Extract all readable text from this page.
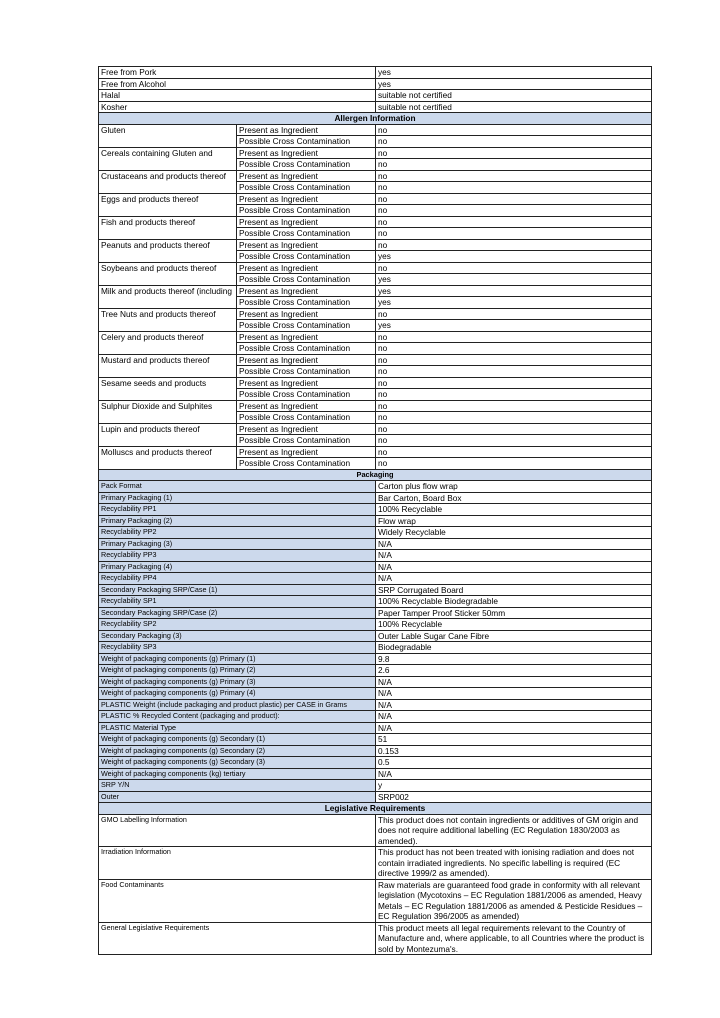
Free from Pork		yes
Free from Alcohol		yes
Halal		suitable not certified
Kosher		suitable not certified
Allergen Information		
Gluten	Present as Ingredient	no
	Possible Cross Contamination	no
Cereals containing Gluten and	Present as Ingredient	no
	Possible Cross Contamination	no
Crustaceans and products thereof	Present as Ingredient	no
	Possible Cross Contamination	no
Eggs and products thereof	Present as Ingredient	no
	Possible Cross Contamination	no
Fish and products thereof	Present as Ingredient	no
	Possible Cross Contamination	no
Peanuts and products thereof	Present as Ingredient	no
	Possible Cross Contamination	yes
Soybeans and products thereof	Present as Ingredient	no
	Possible Cross Contamination	yes
Milk and products thereof (including	Present as Ingredient	yes
	Possible Cross Contamination	yes
Tree Nuts and products thereof	Present as Ingredient	no
	Possible Cross Contamination	yes
Celery and products thereof	Present as Ingredient	no
	Possible Cross Contamination	no
Mustard and products thereof	Present as Ingredient	no
	Possible Cross Contamination	no
Sesame seeds and products	Present as Ingredient	no
	Possible Cross Contamination	no
Sulphur Dioxide and Sulphites	Present as Ingredient	no
	Possible Cross Contamination	no
Lupin and products thereof	Present as Ingredient	no
	Possible Cross Contamination	no
Molluscs and products thereof	Present as Ingredient	no
	Possible Cross Contamination	no
Packaging		
Pack Format		Carton plus flow wrap
Primary Packaging (1)		Bar Carton, Board Box
Recyclability PP1		100% Recyclable
Primary Packaging (2)		Flow wrap
Recyclability PP2		Widely Recyclable
Primary Packaging (3)		N/A
Recyclability PP3		N/A
Primary Packaging (4)		N/A
Recyclability PP4		N/A
Secondary Packaging SRP/Case (1)		SRP Corrugated Board
Recyclability SP1		100% Recyclable Biodegradable
Secondary Packaging SRP/Case (2)		Paper Tamper Proof Sticker 50mm
Recyclability SP2		100% Recyclable
Secondary Packaging (3)		Outer Lable Sugar Cane Fibre
Recyclability SP3		Biodegradable
Weight of packaging components (g) Primary (1)		9.8
Weight of packaging components (g) Primary (2)		2.6
Weight of packaging components (g) Primary (3)		N/A
Weight of packaging components (g) Primary (4)		N/A
PLASTIC Weight (include packaging and product plastic) per CASE in Grams		N/A
PLASTIC % Recycled Content (packaging and product):		N/A
PLASTIC Material Type		N/A
Weight of packaging components (g) Secondary (1)		51
Weight of packaging components (g) Secondary (2)		0.153
Weight of packaging components (g) Secondary (3)		0.5
Weight of packaging components (kg) tertiary		N/A
SRP Y/N		y
Outer		SRP002
Legislative Requirements		
GMO Labelling Information		This product does not contain ingredients or additives of GM origin and does not require additional labelling (EC Regulation 1830/2003 as amended).
Irradiation Information		This product has not been treated with ionising radiation and does not contain irradiated ingredients. No specific labelling is required (EC directive 1999/2 as amended).
Food Contaminants		Raw materials are guaranteed food grade in conformity with all relevant legislation (Mycotoxins – EC Regulation 1881/2006 as amended, Heavy Metals – EC Regulation 1881/2006 as amended & Pesticide Residues – EC Regulation 396/2005 as amended)
General Legislative Requirements		This product meets all legal requirements relevant to the Country of Manufacture and, where applicable, to all Countries where the product is sold by Montezuma's.
